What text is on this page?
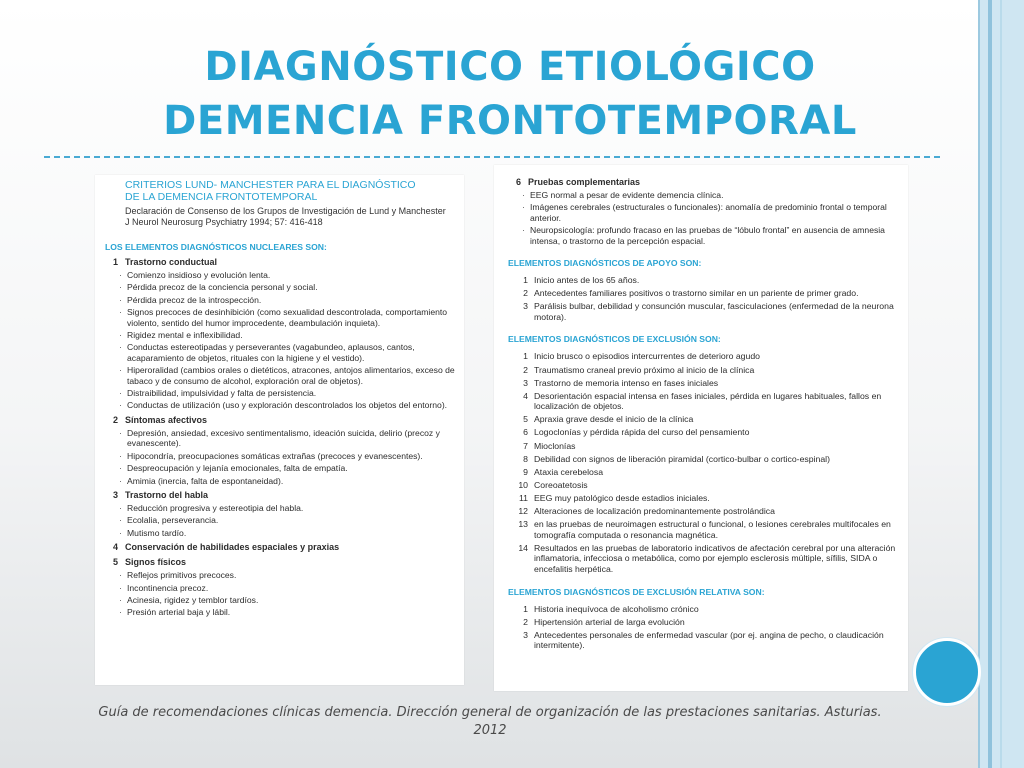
DIAGNÓSTICO ETIOLÓGICO
DEMENCIA FRONTOTEMPORAL
CRITERIOS LUND- MANCHESTER PARA EL DIAGNÓSTICO
DE LA DEMENCIA FRONTOTEMPORAL
Declaración de Consenso de los Grupos de Investigación de Lund y Manchester
J Neurol Neurosurg Psychiatry 1994; 57: 416-418
LOS ELEMENTOS DIAGNÓSTICOS NUCLEARES SON:
1 Trastorno conductual
· Comienzo insidioso y evolución lenta.
· Pérdida precoz de la conciencia personal y social.
· Pérdida precoz de la introspección.
· Signos precoces de desinhibición (como sexualidad descontrolada, comportamiento violento, sentido del humor improcedente, deambulación inquieta).
· Rigidez mental e inflexibilidad.
· Conductas estereotipadas y perseverantes (vagabundeo, aplausos, cantos, acaparamiento de objetos, rituales con la higiene y el vestido).
· Hiperoralidad (cambios orales o dietéticos, atracones, antojos alimentarios, exceso de tabaco y de consumo de alcohol, exploración oral de objetos).
· Distraibilidad, impulsividad y falta de persistencia.
· Conductas de utilización (uso y exploración descontrolados los objetos del entorno).
2 Síntomas afectivos
· Depresión, ansiedad, excesivo sentimentalismo, ideación suicida, delirio (precoz y evanescente).
· Hipocondría, preocupaciones somáticas extrañas (precoces y evanescentes).
· Despreocupación y lejanía emocionales, falta de empatía.
· Amimia (inercia, falta de espontaneidad).
3 Trastorno del habla
· Reducción progresiva y estereotipia del habla.
· Ecolalia, perseverancia.
· Mutismo tardío.
4 Conservación de habilidades espaciales y praxias
5 Signos físicos
· Reflejos primitivos precoces.
· Incontinencia precoz.
· Acinesia, rigidez y temblor tardíos.
· Presión arterial baja y lábil.
6 Pruebas complementarias
· EEG normal a pesar de evidente demencia clínica.
· Imágenes cerebrales (estructurales o funcionales): anomalía de predominio frontal o temporal anterior.
· Neuropsicología: profundo fracaso en las pruebas de “lóbulo frontal” en ausencia de amnesia intensa, o trastorno de la percepción espacial.
ELEMENTOS DIAGNÓSTICOS DE APOYO SON:
1 Inicio antes de los 65 años.
2 Antecedentes familiares positivos o trastorno similar en un pariente de primer grado.
3 Parálisis bulbar, debilidad y consunción muscular, fasciculaciones (enfermedad de la neurona motora).
ELEMENTOS DIAGNÓSTICOS DE EXCLUSIÓN SON:
1 Inicio brusco o episodios intercurrentes de deterioro agudo
2 Traumatismo craneal previo próximo al inicio de la clínica
3 Trastorno de memoria intenso en fases iniciales
4 Desorientación espacial intensa en fases iniciales, pérdida en lugares habituales, fallos en localización de objetos.
5 Apraxia grave desde el inicio de la clínica
6 Logoclonías y pérdida rápida del curso del pensamiento
7 Mioclonías
8 Debilidad con signos de liberación piramidal (cortico-bulbar o cortico-espinal)
9 Ataxia cerebelosa
10 Coreoatetosis
11 EEG muy patológico desde estadios iniciales.
12 Alteraciones de localización predominantemente postrolándica
13 en las pruebas de neuroimagen estructural o funcional, o lesiones cerebrales multifocales en tomografía computada o resonancia magnética.
14 Resultados en las pruebas de laboratorio indicativos de afectación cerebral por una alteración inflamatoria, infecciosa o metabólica, como por ejemplo esclerosis múltiple, sífilis, SIDA o encefalitis herpética.
ELEMENTOS DIAGNÓSTICOS DE EXCLUSIÓN RELATIVA SON:
1 Historia inequívoca de alcoholismo crónico
2 Hipertensión arterial de larga evolución
3 Antecedentes personales de enfermedad vascular (por ej. angina de pecho, o claudicación intermitente).
Guía de recomendaciones clínicas demencia. Dirección general de organización de las prestaciones sanitarias. Asturias. 2012
